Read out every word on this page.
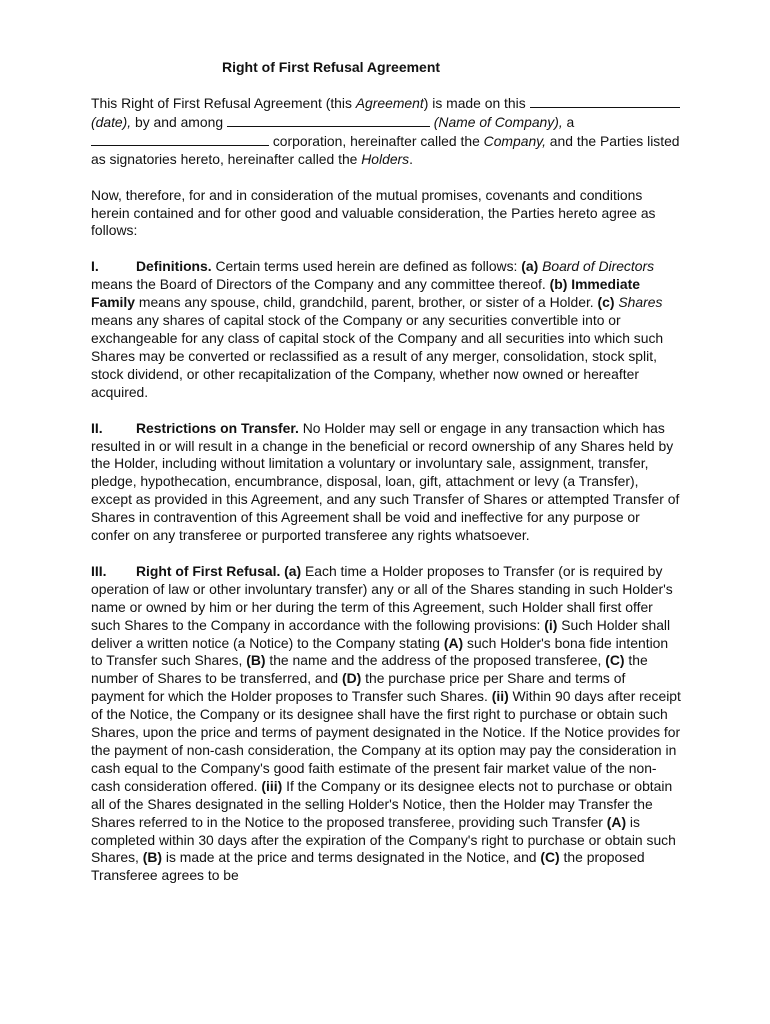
Right of First Refusal Agreement

This Right of First Refusal Agreement (this Agreement) is made on this  (date), by and among	(Name of Company), a  corporation, hereinafter called the Company, and the Parties listed as signatories hereto, hereinafter called the Holders.

Now, therefore, for and in consideration of the mutual promises, covenants and conditions herein contained and for other good and valuable consideration, the Parties hereto agree as follows:

I.	Definitions. Certain terms used herein are defined as follows: (a) Board of Directors means the Board of Directors of the Company and any committee thereof. (b) Immediate Family means any spouse, child, grandchild, parent, brother, or sister of a Holder. (c) Shares means any shares of capital stock of the Company or any securities convertible into or exchangeable for any class of capital stock of the Company and all securities into which such Shares may be converted or reclassified as a result of any merger, consolidation, stock split, stock dividend, or other recapitalization of the Company, whether now owned or hereafter acquired.

II. Restrictions on Transfer. No Holder may sell or engage in any transaction which has resulted in or will result in a change in the beneficial or record ownership of any Shares held by the Holder, including without limitation a voluntary or involuntary sale, assignment, transfer, pledge, hypothecation, encumbrance, disposal, loan, gift, attachment or levy (a Transfer), except as provided in this Agreement, and any such Transfer of Shares or attempted Transfer of Shares in contravention of this Agreement shall be void and ineffective for any purpose or confer on any transferee or purported transferee any rights whatsoever.

III. Right of First Refusal. (a) Each time a Holder proposes to Transfer (or is required by operation of law or other involuntary transfer) any or all of the Shares standing in such Holder's name or owned by him or her during the term of this Agreement, such Holder shall first offer such Shares to the Company in accordance with the following provisions: (i) Such Holder shall deliver a written notice (a Notice) to the Company stating (A) such Holder's bona fide intention to Transfer such Shares, (B) the name and the address of the proposed transferee, (C) the number of Shares to be transferred, and (D) the purchase price per Share and terms of payment for which the Holder proposes to Transfer such Shares. (ii) Within 90 days after receipt of the Notice, the Company or its designee shall have the first right to purchase or obtain such Shares, upon the price and terms of payment designated in the Notice. If the Notice provides for the payment of non-cash consideration, the Company at its option may pay the consideration in cash equal to the Company's good faith estimate of the present fair market value of the non-cash consideration offered. (iii) If the Company or its designee elects not to purchase or obtain all of the Shares designated in the selling Holder's Notice, then the Holder may Transfer the Shares referred to in the Notice to the proposed transferee, providing such Transfer (A) is completed within 30 days after the expiration of the Company's right to purchase or obtain such Shares, (B) is made at the price and terms designated in the Notice, and (C) the proposed Transferee agrees to be
